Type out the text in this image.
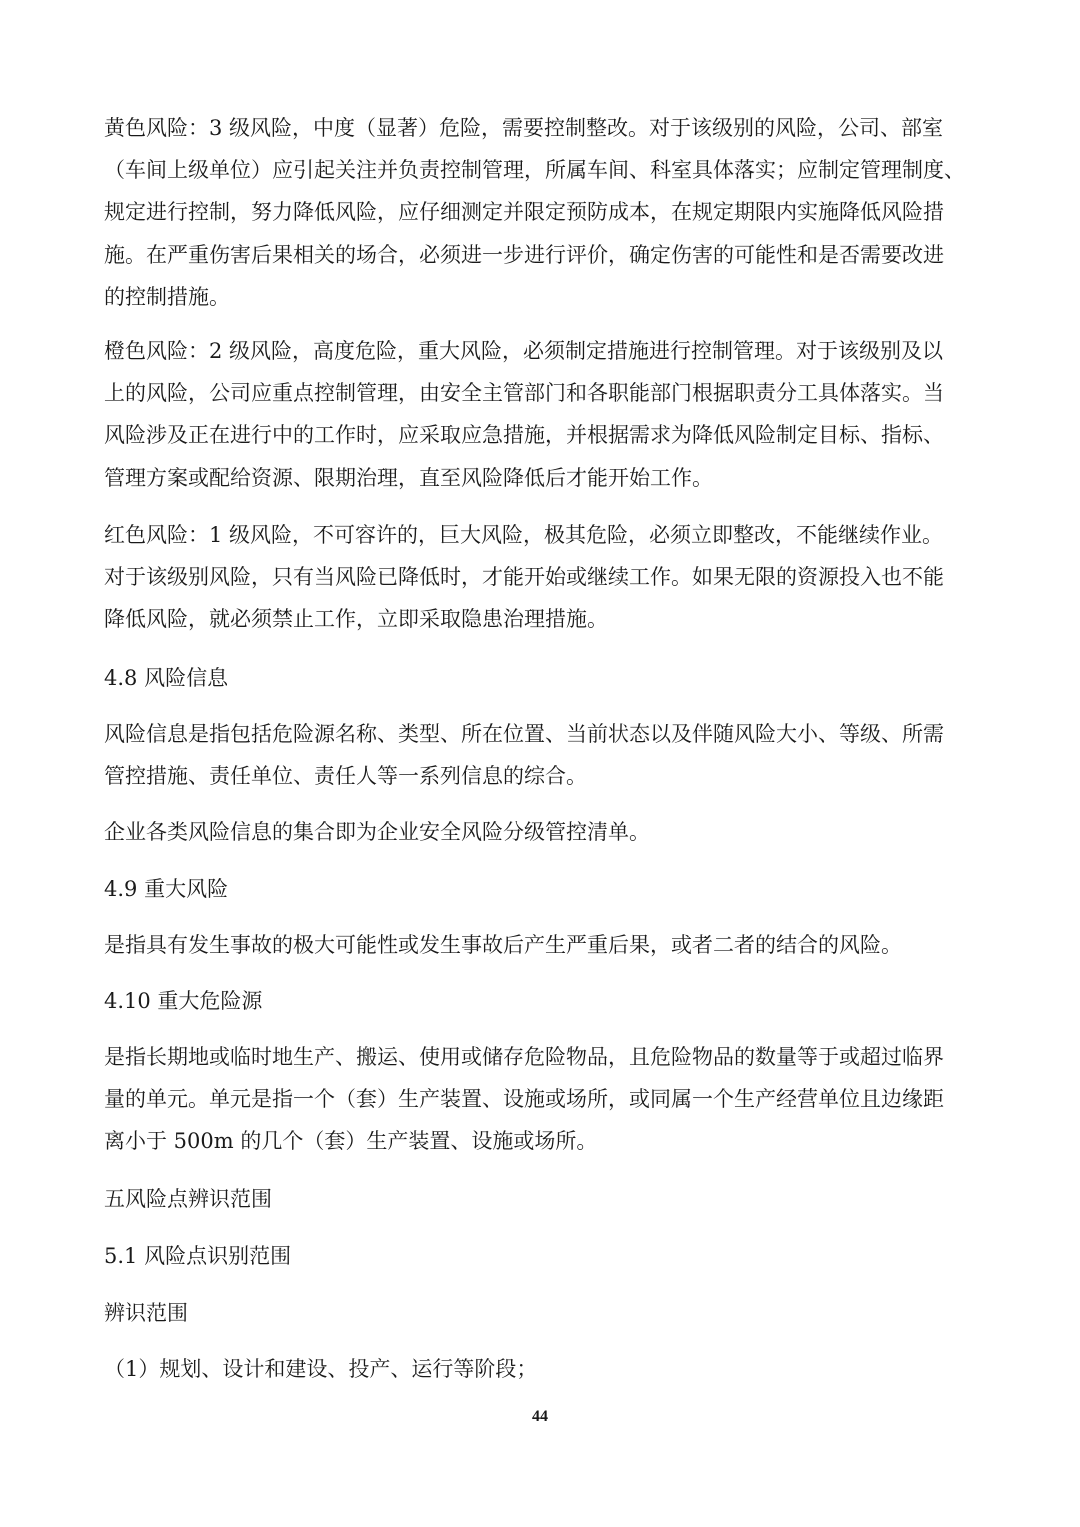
黄色风险：3 级风险，中度（显著）危险，需要控制整改。对于该级别的风险，公司、部室
（车间上级单位）应引起关注并负责控制管理，所属车间、科室具体落实；应制定管理制度、
规定进行控制，努力降低风险，应仔细测定并限定预防成本，在规定期限内实施降低风险措
施。在严重伤害后果相关的场合，必须进一步进行评价，确定伤害的可能性和是否需要改进
的控制措施。
橙色风险：2 级风险，高度危险，重大风险，必须制定措施进行控制管理。对于该级别及以
上的风险，公司应重点控制管理，由安全主管部门和各职能部门根据职责分工具体落实。当
风险涉及正在进行中的工作时，应采取应急措施，并根据需求为降低风险制定目标、指标、
管理方案或配给资源、限期治理，直至风险降低后才能开始工作。
红色风险：1 级风险，不可容许的，巨大风险，极其危险，必须立即整改，不能继续作业。
对于该级别风险，只有当风险已降低时，才能开始或继续工作。如果无限的资源投入也不能
降低风险，就必须禁止工作，立即采取隐患治理措施。
4.8 风险信息
风险信息是指包括危险源名称、类型、所在位置、当前状态以及伴随风险大小、等级、所需
管控措施、责任单位、责任人等一系列信息的综合。
企业各类风险信息的集合即为企业安全风险分级管控清单。
4.9 重大风险
是指具有发生事故的极大可能性或发生事故后产生严重后果，或者二者的结合的风险。
4.10 重大危险源
是指长期地或临时地生产、搬运、使用或储存危险物品，且危险物品的数量等于或超过临界
量的单元。单元是指一个（套）生产装置、设施或场所，或同属一个生产经营单位且边缘距
离小于 500m 的几个（套）生产装置、设施或场所。
五风险点辨识范围
5.1 风险点识别范围
辨识范围
（1）规划、设计和建设、投产、运行等阶段；
44
